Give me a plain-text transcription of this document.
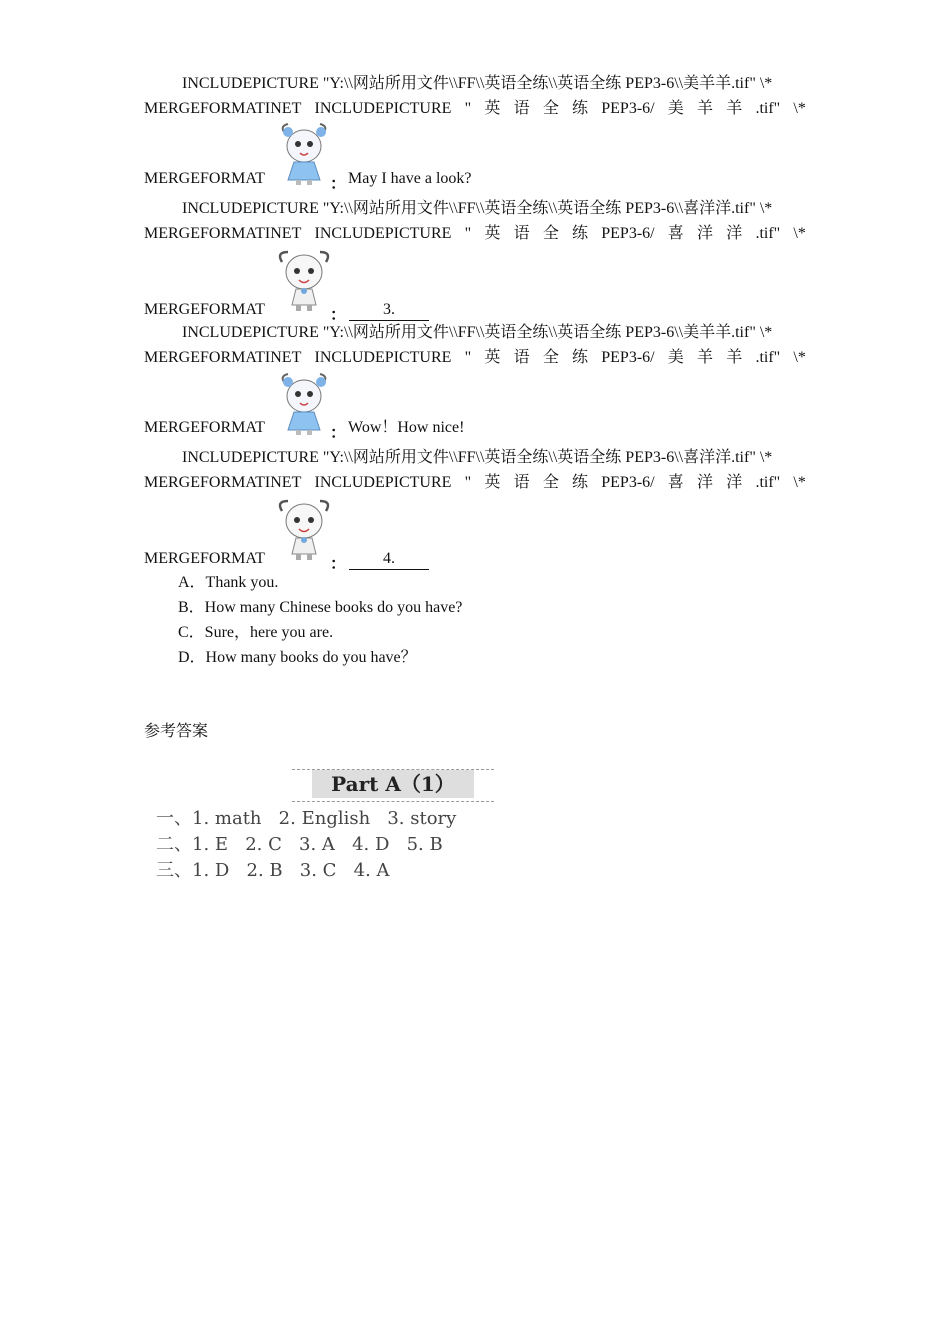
INCLUDEPICTURE "Y:\\网站所用文件\\FF\\英语全练\\英语全练 PEP3-6\\美羊羊.tif" \*
MERGEFORMATINET INCLUDEPICTURE " 英 语 全 练 PEP3-6/ 美 羊 羊 .tif" \*
MERGEFORMAT	： May I have a look?
INCLUDEPICTURE "Y:\\网站所用文件\\FF\\英语全练\\英语全练 PEP3-6\\喜洋洋.tif" \*
MERGEFORMATINET INCLUDEPICTURE " 英 语 全 练 PEP3-6/ 喜 洋 洋 .tif" \*
MERGEFORMAT	：	3.
INCLUDEPICTURE "Y:\\网站所用文件\\FF\\英语全练\\英语全练 PEP3-6\\美羊羊.tif" \*
MERGEFORMATINET INCLUDEPICTURE " 英 语 全 练 PEP3-6/ 美 羊 羊 .tif" \*
MERGEFORMAT	： Wow！How nice!
INCLUDEPICTURE "Y:\\网站所用文件\\FF\\英语全练\\英语全练 PEP3-6\\喜洋洋.tif" \*
MERGEFORMATINET INCLUDEPICTURE " 英 语 全 练 PEP3-6/ 喜 洋 洋 .tif" \*
MERGEFORMAT	：	4.
A．Thank you.
B．How many Chinese books do you have?
C．Sure，here you are.
D．How many books do you have？
参考答案
Part A（1）
一、1. math   2. English   3. story
二、1. E   2. C   3. A   4. D   5. B
三、1. D   2. B   3. C   4. A
